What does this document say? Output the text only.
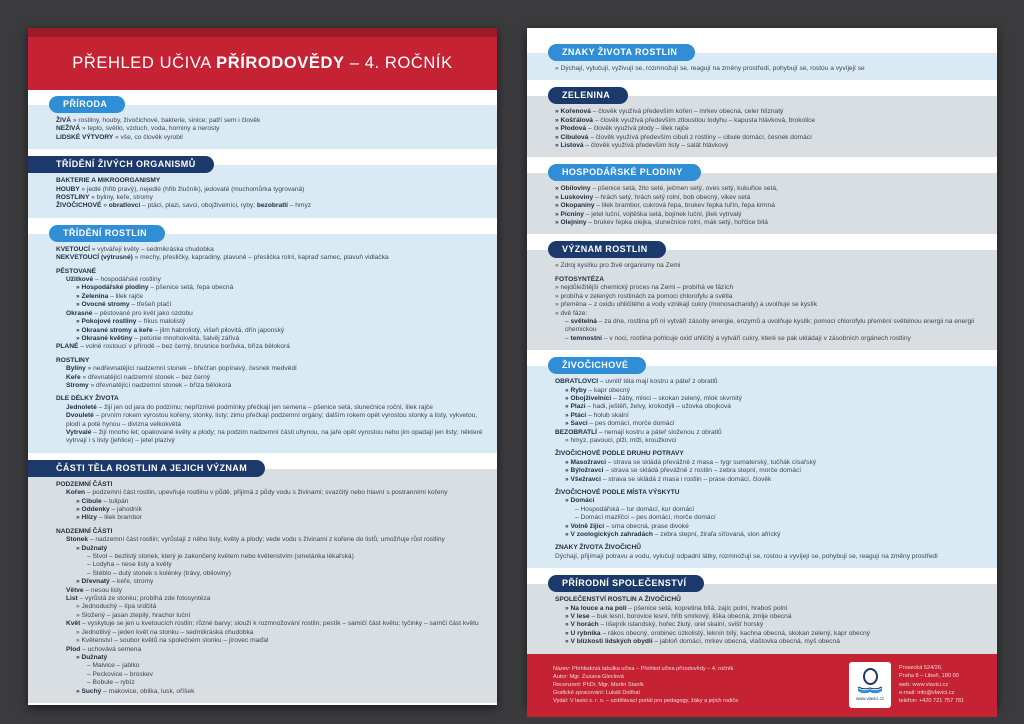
PŘEHLED UČIVA PŘÍRODOVĚDY – 4. ROČNÍK
PŘÍRODA
ŽIVÁ » rostliny, houby, živočichové, bakterie, sinice; patří sem i člověk
NEŽIVÁ » teplo, světlo, vzduch, voda, horniny a nerosty
LIDSKÉ VÝTVORY » vše, co člověk vyrobil
TŘÍDĚNÍ ŽIVÝCH ORGANISMŮ
BAKTERIE A MIKROORGANISMY
HOUBY » jedlé (hřib pravý), nejedlé (hřib žlučník), jedovaté (muchomůrka tygrovaná)
ROSTLINY » byliny, keře, stromy
ŽIVOČICHOVÉ » obratlovci – ptáci, plazi, savci, obojživelníci, ryby; bezobratlí – hmyz
TŘÍDĚNÍ ROSTLIN
KVETOUCÍ » vytvářejí květy – sedmikráska chudobka
NEKVETOUCÍ (výtrusné) » mechy, přesličky, kapradiny, plavuně – přeslička rolní, kapraď samec, plavuň vidlačka
PĚSTOVANÉ
Užitkové – hospodářské rostliny
» Hospodářské plodiny – pšenice setá, řepa obecná
» Zelenina – lilek rajče
» Ovocné stromy – třešeň ptačí
Okrasné – pěstované pro květ jako ozdobu
» Pokojové rostliny – fíkus malolistý
» Okrasné stromy a keře – jilm habrolistý, višeň pilovitá, dřín japonský
» Okrasné květiny – petúnie mnohokvětá, šalvěj zářivá
PLANÉ – volně rostoucí v přírodě – bez černý, brusnice borůvka, bříza bělokorá
ROSTLINY
Byliny » nedřevnatějící nadzemní stonek – břečťan popínavý, česnek medvědí
Keře » dřevnatějící nadzemní stonek – bez černý
Stromy » dřevnatějící nadzemní stonek – bříza bělokorá
DLE DÉLKY ŽIVOTA
Jednoleté – žijí jen od jara do podzimu; nepříznivé podmínky přečkají jen semena – pšenice setá, slunečnice roční, lilek rajče
Dvouleté – prvním rokem vyrostou kořeny, stonky, listy; zimu přečkají podzemní orgány; dalším rokem opět vyrostou stonky a listy, vykvetou, plodí a poté hynou – divizna velkokvětá
Vytrvalé – žijí mnoho let; opakované květy a plody; na podzim nadzemní části uhynou, na jaře opět vyrostou nebo jim opadají jen listy; některé vytrvají i s listy (jehlice) – jetel plazivý
ČÁSTI TĚLA ROSTLIN A JEJICH VÝZNAM
PODZEMNÍ ČÁSTI
Kořen – podzemní část rostlin, upevňuje rostlinu v půdě, přijímá z půdy vodu s živinami; svazčitý nebo hlavní s postranními kořeny
» Cibule – tulipán
» Oddenky – jahodník
» Hlízy – lilek brambor
NADZEMNÍ ČÁSTI
Stonek – nadzemní část rostlin; vyrůstají z něho listy, květy a plody; vede vodu s živinami z kořene do listů; umožňuje růst rostliny
» Dužnatý
– Stvol – bezlistý stonek, který je zakončený květem nebo květenstvím (smetánka lékařská)
– Lodyha – nese listy a květy
– Stéblo – dutý stonek s kolénky (trávy, obiloviny)
» Dřevnatý – keře, stromy
Větve – nesou listy
List – vyrůstá ze stonku; probíhá zde fotosyntéza
» Jednoduchý – lípa srdčitá
» Složený – jasan ztepilý, hrachor luční
Květ – vyskytuje se jen u kvetoucích rostlin; různé barvy; slouží k rozmnožování rostlin; pestík – samičí část květu; tyčinky – samčí část květu
» Jednotlivý – jeden květ na stonku – sedmikráska chudobka
» Květenství – soubor květů na společném stonku – jírovec maďal
Plod – uchovává semena
» Dužnatý
– Malvice – jablko
– Peckovice – broskev
– Bobule – rybíz
» Suchý – makovice, obilka, lusk, oříšek
ZNAKY ŽIVOTA ROSTLIN
» Dýchají, vylučují, vyživují se, rozmnožují se, reagují na změny prostředí, pohybují se, rostou a vyvíjejí se
ZELENINA
» Kořenová – člověk využívá především kořen – mrkev obecná, celer hlíznatý
» Košťálová – člověk využívá především ztloustlou lodyhu – kapusta hlávková, brokolice
» Plodová – člověk využívá plody – lilek rajče
» Cibulová – člověk využívá především cibuli z rostliny – cibule domácí, česnek domácí
» Listová – člověk využívá především listy – salát hlávkový
HOSPODÁŘSKÉ PLODINY
» Obiloviny – pšenice setá, žito seté, ječmen setý, oves setý, kukuřice setá,
» Luskoviny – hrách setý, hrách setý rolní, bob obecný, vikev setá
» Okopaniny – lilek brambor, cukrová řepa, brukev řepka tuřín, řepa krmná
» Pícniny – jetel luční, vojtěška setá, bojínek luční, jílek vytrvalý
» Olejniny – brukev řepka olejka, slunečnice rolní, mák setý, hořčice bílá
VÝZNAM ROSTLIN
» Zdroj kyslíku pro živé organismy na Zemi
FOTOSYNTÉZA
» nejdůležitější chemický proces na Zemi – probíhá ve fázích
» probíhá v zelených rostlinách za pomoci chlorofylu a světla
» přeměna – z oxidu uhličitého a vody vznikají cukry (monosacharidy) a uvolňuje se kyslík
» dvě fáze:
– světelná – za dne, rostlina při ní vytváří zásoby energie, enzymů a uvolňuje kyslík; pomocí chlorofylu přemění světelnou energii na energii chemickou
– temnostní – v noci, rostlina pohlcuje oxid uhličitý a vytváří cukry, které se pak ukládají v zásobních orgánech rostliny
ŽIVOČICHOVÉ
OBRATLOVCI – uvnitř těla mají kostru a páteř z obratlů
» Ryby – kapr obecný
» Obojživelníci – žáby, mloci – skokan zelený, mlok skvrnitý
» Plazi – hadi, ještěři, želvy, krokodýli – užovka obojková
» Ptáci – holub skalní
» Savci – pes domácí, morče domácí
BEZOBRATLÍ – nemají kostru a páteř složenou z obratlů
» hmyz, pavouci, plži, mlži, kroužkovci
ŽIVOČICHOVÉ PODLE DRUHU POTRAVY
» Masožravci – strava se skládá převážně z masa – tygr sumaterský, tučňák císařský
» Býložravci – strava se skládá převážně z rostlin – zebra stepní, morče domácí
» Všežravci – strava se skládá z masa i rostlin – prase domácí, člověk
ŽIVOČICHOVÉ PODLE MÍSTA VÝSKYTU
» Domácí
– Hospodářská – tur domácí, kur domácí
– Domácí mazlíčci – pes domácí, morče domácí
» Volně žijící – srna obecná, prase divoké
» V zoologických zahradách – zebra stepní, žirafa síťovaná, slon africký
ZNAKY ŽIVOTA ŽIVOČICHŮ
Dýchají, přijímají potravu a vodu, vylučují odpadní látky, rozmnožují se, rostou a vyvíjejí se, pohybují se, reagují na změny prostředí
PŘÍRODNÍ SPOLEČENSTVÍ
SPOLEČENSTVÍ ROSTLIN A ŽIVOČICHŮ
» Na louce a na poli – pšenice setá, kopretina bílá, zajíc polní, hraboš polní
» V lese – buk lesní, borovice lesní, hřib smrkový, liška obecná, zmije obecná
» V horách – lišejník islandský, hořec žlutý, orel skalní, svišť horský
» U rybníka – rákos obecný, orobinec úzkolistý, leknín bílý, kachna obecná, skokan zelený, kapr obecný
» V blízkosti lidských obydlí – jabloň domácí, mrkev obecná, vlaštovka obecná, myš obecná
Název: Přehledová tabulka učiva – Přehled učiva přírodovědy – 4. ročník
Autor: Mgr. Zuzana Gleclová
Recenzent: PhDr. Mgr. Martin Staník
Grafické zpracování: Lukáš Dolíhal
Vydal: V lavici s. r. o. – vzdělávací portál pro pedagogy, žáky a jejich rodiče	www.vlavici.cz
Prosecká 524/26,
Praha 8 – Libeň, 180 00
web: www.vlavici.cz
e-mail: info@vlavici.cz
telefon: +420 721 757 781
